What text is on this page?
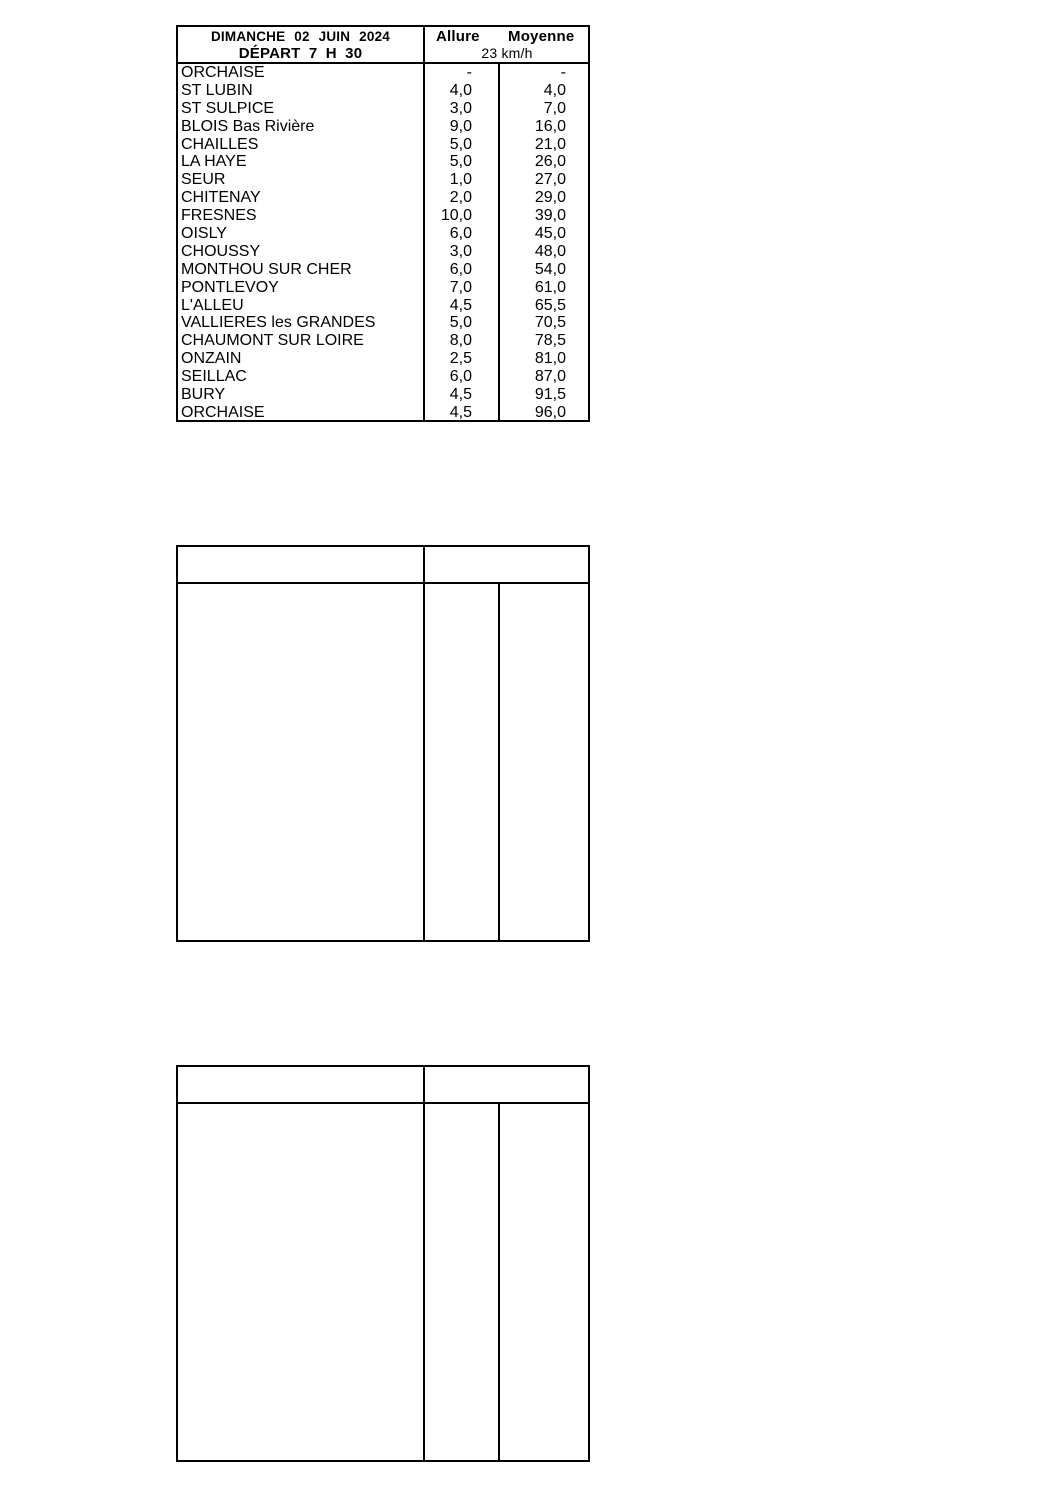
DIMANCHE 02 JUIN 2024
DÉPART 7 H 30
Allure Moyenne
23 km/h
ORCHAISE	-	-
ST LUBIN	4,0	4,0
ST SULPICE	3,0	7,0
BLOIS Bas Rivière	9,0	16,0
CHAILLES	5,0	21,0
LA HAYE	5,0	26,0
SEUR	1,0	27,0
CHITENAY	2,0	29,0
FRESNES	10,0	39,0
OISLY	6,0	45,0
CHOUSSY	3,0	48,0
MONTHOU SUR CHER	6,0	54,0
PONTLEVOY	7,0	61,0
L'ALLEU	4,5	65,5
VALLIERES les GRANDES	5,0	70,5
CHAUMONT SUR LOIRE	8,0	78,5
ONZAIN	2,5	81,0
SEILLAC	6,0	87,0
BURY	4,5	91,5
ORCHAISE	4,5	96,0
